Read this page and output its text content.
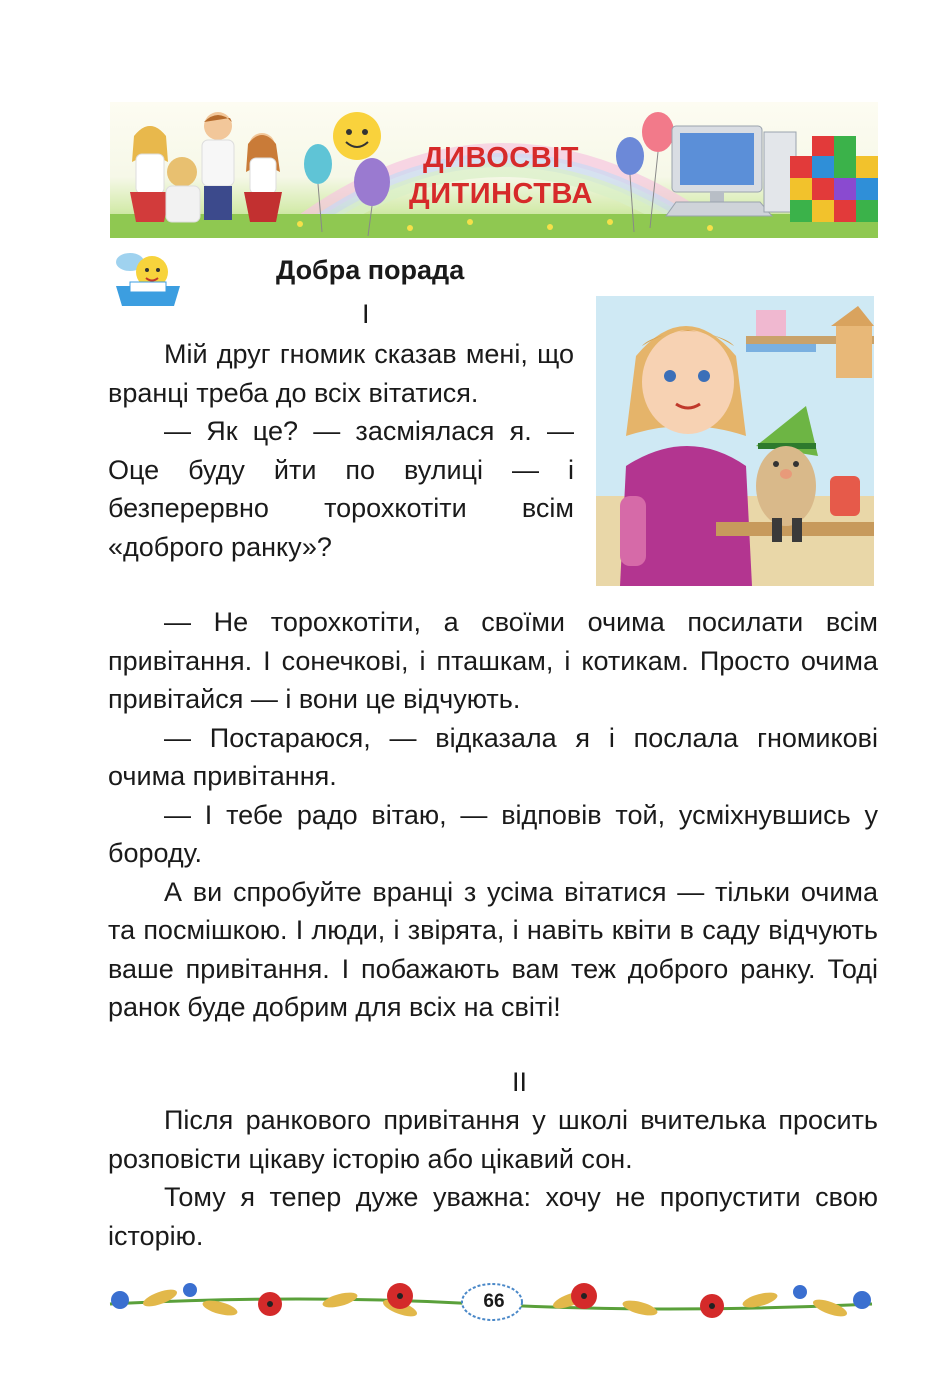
ДИВОСВІТ
ДИТИНСТВА
Добра порада
I

Мій друг гномик сказав мені, що вранці треба до всіх вітатися.

— Як це? — засміялася я. — Оце буду йти по вулиці — і безперервно торохкотіти всім «доброго ранку»?

— Не торохкотіти, а своїми очима посилати всім привітання. І сонечкові, і пташкам, і котикам. Просто очима привітайся — і вони це відчують.

— Постараюся, — відказала я і послала гномикові очима привітання.

— І тебе радо вітаю, — відповів той, усміхнувшись у бороду.

А ви спробуйте вранці з усіма вітатися — тільки очима та посмішкою. І люди, і звірята, і навіть квіти в саду відчують ваше привітання. І побажають вам теж доброго ранку. Тоді ранок буде добрим для всіх на світі!

II

Після ранкового привітання у школі вчителька просить розповісти цікаву історію або цікавий сон.

Тому я тепер дуже уважна: хочу не пропустити свою історію.

66
